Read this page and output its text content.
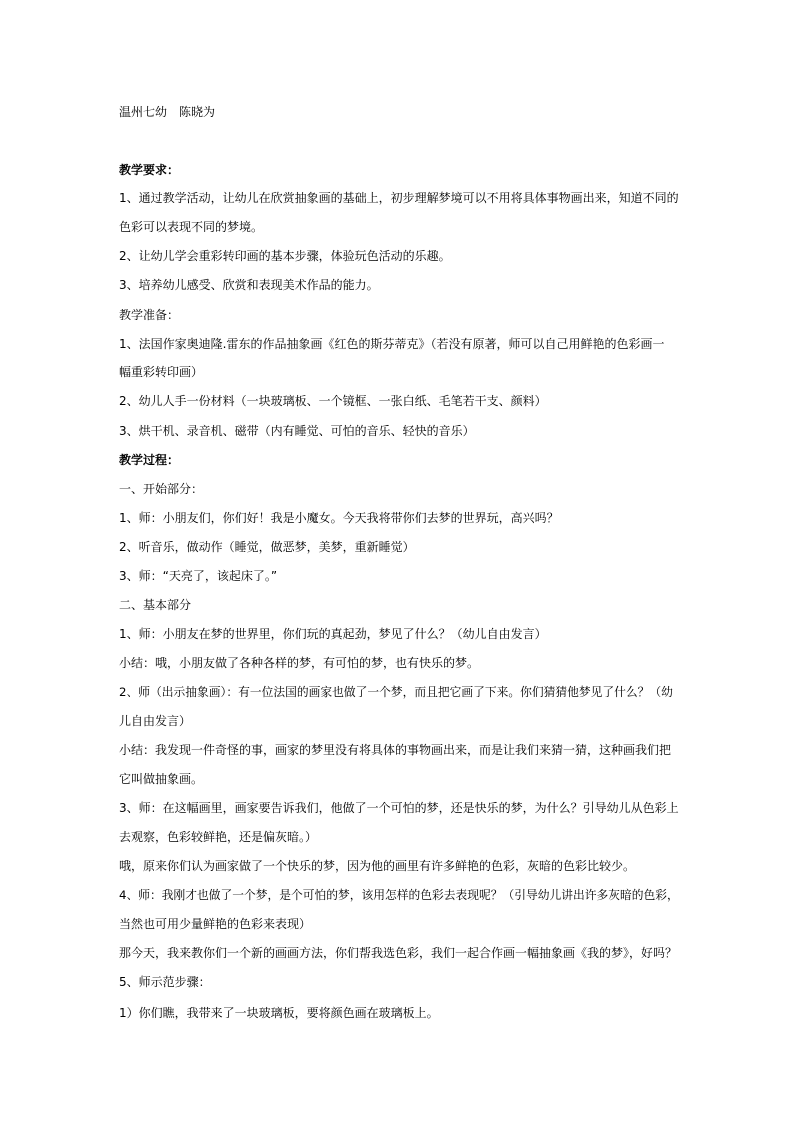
温州七幼　陈晓为
教学要求：
1、通过教学活动，让幼儿在欣赏抽象画的基础上，初步理解梦境可以不用将具体事物画出来，知道不同的
色彩可以表现不同的梦境。
2、让幼儿学会重彩转印画的基本步骤，体验玩色活动的乐趣。
3、培养幼儿感受、欣赏和表现美术作品的能力。
教学准备：
1、法国作家奥迪隆.雷东的作品抽象画《红色的斯芬蒂克》（若没有原著，师可以自己用鲜艳的色彩画一
幅重彩转印画）
2、幼儿人手一份材料（一块玻璃板、一个镜框、一张白纸、毛笔若干支、颜料）
3、烘干机、录音机、磁带（内有睡觉、可怕的音乐、轻快的音乐）
教学过程：
一、开始部分：
1、师：小朋友们，你们好！我是小魔女。今天我将带你们去梦的世界玩，高兴吗？
2、听音乐，做动作（睡觉，做恶梦，美梦，重新睡觉）
3、师：“天亮了，该起床了。”
二、基本部分
1、师：小朋友在梦的世界里，你们玩的真起劲，梦见了什么？（幼儿自由发言）
小结：哦，小朋友做了各种各样的梦，有可怕的梦，也有快乐的梦。
2、师（出示抽象画）：有一位法国的画家也做了一个梦，而且把它画了下来。你们猜猜他梦见了什么？（幼
儿自由发言）
小结：我发现一件奇怪的事，画家的梦里没有将具体的事物画出来，而是让我们来猜一猜，这种画我们把
它叫做抽象画。
3、师：在这幅画里，画家要告诉我们，他做了一个可怕的梦，还是快乐的梦，为什么？引导幼儿从色彩上
去观察，色彩较鲜艳，还是偏灰暗。）
哦，原来你们认为画家做了一个快乐的梦，因为他的画里有许多鲜艳的色彩，灰暗的色彩比较少。
4、师：我刚才也做了一个梦，是个可怕的梦，该用怎样的色彩去表现呢？（引导幼儿讲出许多灰暗的色彩，
当然也可用少量鲜艳的色彩来表现）
那今天，我来教你们一个新的画画方法，你们帮我选色彩，我们一起合作画一幅抽象画《我的梦》，好吗？
5、师示范步骤：
1）你们瞧，我带来了一块玻璃板，要将颜色画在玻璃板上。
